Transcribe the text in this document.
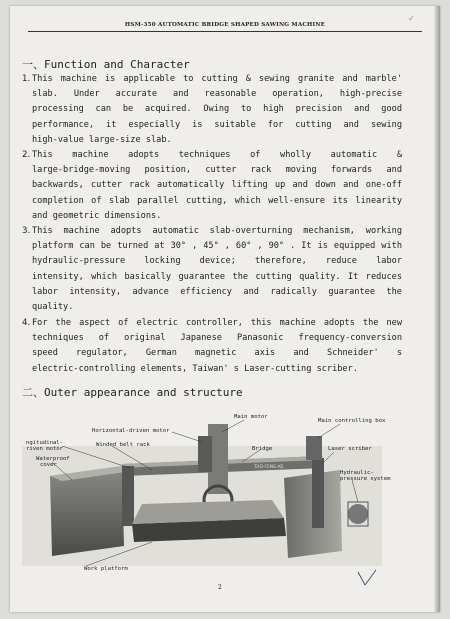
✓
HSM-350 AUTOMATIC BRIDGE SHAPED SAWING MACHINE
一、Function and Character
1. This machine is applicable to cutting & sewing granite and marble'
slab. Under accurate and reasonable operation, high-precise
processing can be acquired. Owing to high precision and good
performance, it especially is suitable for cutting and sewing
high-value large-size slab.
2. This machine adopts techniques of wholly automatic &
large-bridge-moving position, cutter rack moving forwards and
backwards, cutter rack automatically lifting up and down and one-off
completion of slab parallel cutting, which well-ensure its linearity
and geometric dimensions.
3. This machine adopts automatic slab-overturning mechanism, working
platform can be turned at 30° , 45° , 60° , 90° . It is equipped with
hydraulic-pressure locking device; therefore, reduce labor
intensity, which basically guarantee the cutting quality. It reduces
labor intensity, advance efficiency and radically guarantee the
quality.
4. For the aspect of electric controller, this machine adopts the new
techniques of original Japanese Panasonic frequency-conversion
speed regulator, German magnetic axis and Schneider' s
electric-controlling elements, Taiwan' s Laser-cutting scriber.
二、Outer appearance and structure
TAD·FENG·KE
Main motor
Main controlling box
Horizontal-driven motor
ngitudinal-
riven motor
Winded belt rack
Bridge	Laser scriber
Waterproof
cover
Hydraulic-
pressure system
Work platform
2
